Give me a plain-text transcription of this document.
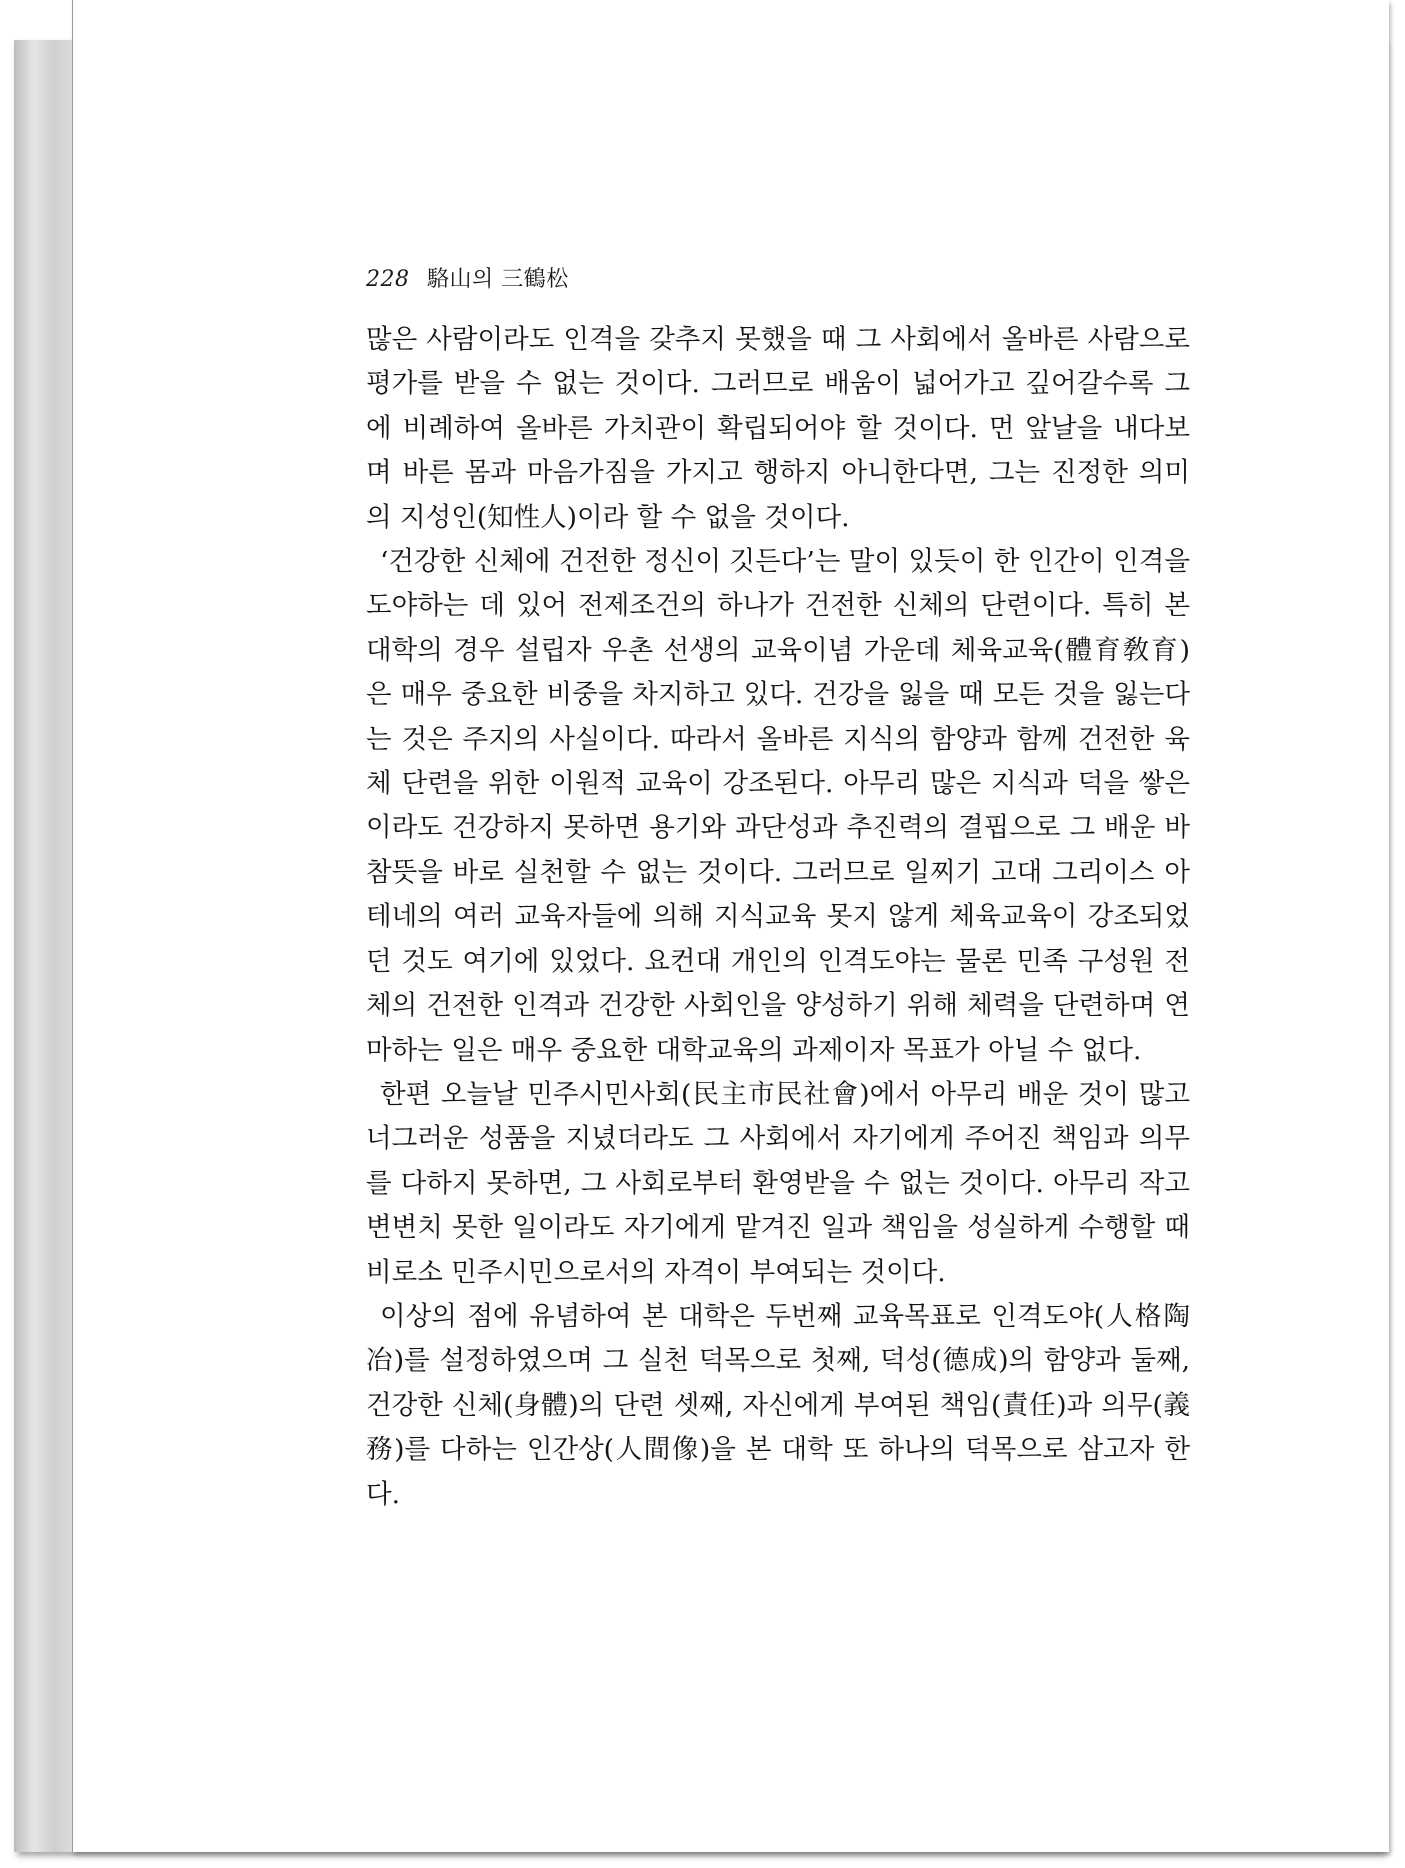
228 駱山의 三鶴松

많은 사람이라도 인격을 갖추지 못했을 때 그 사회에서 올바른 사람으로 평가를 받을 수 없는 것이다. 그러므로 배움이 넓어가고 깊어갈수록 그에 비례하여 올바른 가치관이 확립되어야 할 것이다. 먼 앞날을 내다보며 바른 몸과 마음가짐을 가지고 행하지 아니한다면, 그는 진정한 의미의 지성인(知性人)이라 할 수 없을 것이다.

‘건강한 신체에 건전한 정신이 깃든다’는 말이 있듯이 한 인간이 인격을 도야하는 데 있어 전제조건의 하나가 건전한 신체의 단련이다. 특히 본 대학의 경우 설립자 우촌 선생의 교육이념 가운데 체육교육(體育敎育)은 매우 중요한 비중을 차지하고 있다. 건강을 잃을 때 모든 것을 잃는다는 것은 주지의 사실이다. 따라서 올바른 지식의 함양과 함께 건전한 육체 단련을 위한 이원적 교육이 강조된다. 아무리 많은 지식과 덕을 쌓은 이라도 건강하지 못하면 용기와 과단성과 추진력의 결핍으로 그 배운 바 참뜻을 바로 실천할 수 없는 것이다. 그러므로 일찌기 고대 그리이스 아테네의 여러 교육자들에 의해 지식교육 못지 않게 체육교육이 강조되었던 것도 여기에 있었다. 요컨대 개인의 인격도야는 물론 민족 구성원 전체의 건전한 인격과 건강한 사회인을 양성하기 위해 체력을 단련하며 연마하는 일은 매우 중요한 대학교육의 과제이자 목표가 아닐 수 없다.

한편 오늘날 민주시민사회(民主市民社會)에서 아무리 배운 것이 많고 너그러운 성품을 지녔더라도 그 사회에서 자기에게 주어진 책임과 의무를 다하지 못하면, 그 사회로부터 환영받을 수 없는 것이다. 아무리 작고 변변치 못한 일이라도 자기에게 맡겨진 일과 책임을 성실하게 수행할 때 비로소 민주시민으로서의 자격이 부여되는 것이다.

이상의 점에 유념하여 본 대학은 두번째 교육목표로 인격도야(人格陶冶)를 설정하였으며 그 실천 덕목으로 첫째, 덕성(德成)의 함양과 둘째, 건강한 신체(身體)의 단련 셋째, 자신에게 부여된 책임(責任)과 의무(義務)를 다하는 인간상(人間像)을 본 대학 또 하나의 덕목으로 삼고자 한다.
